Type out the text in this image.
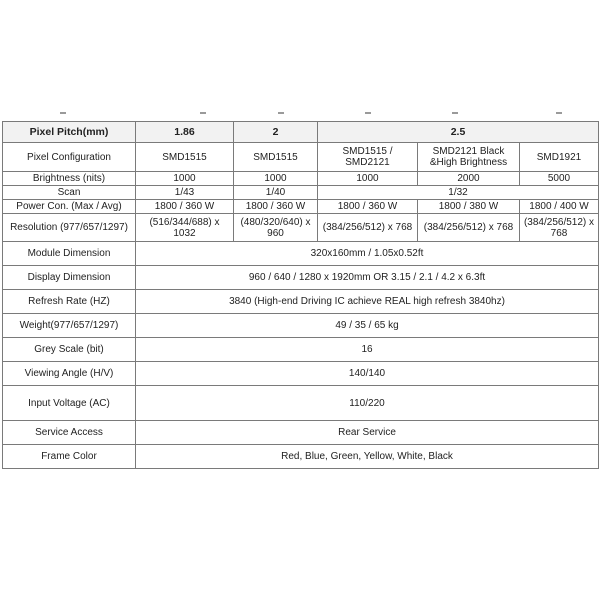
Pixel Pitch(mm)	1.86	2	2.5		
Pixel Configuration	SMD1515	SMD1515	SMD1515 / SMD2121	SMD2121 Black &High Brightness	SMD1921
Brightness (nits)	1000	1000	1000	2000	5000
Scan	1/43	1/40	1/32		
Power Con. (Max / Avg)	1800 / 360 W	1800 / 360 W	1800 / 360 W	1800 / 380 W	1800 / 400 W
Resolution (977/657/1297)	(516/344/688) x 1032	(480/320/640) x 960	(384/256/512) x 768	(384/256/512) x 768	(384/256/512) x 768
Module Dimension	320x160mm / 1.05x0.52ft				
Display Dimension	960 / 640 / 1280 x 1920mm OR 3.15 / 2.1 / 4.2 x 6.3ft				
Refresh Rate (HZ)	3840 (High-end Driving IC achieve REAL high refresh 3840hz)				
Weight(977/657/1297)	49 / 35 / 65 kg				
Grey Scale (bit)	16				
Viewing Angle (H/V)	140/140				
Input Voltage (AC)	110/220				
Service Access	Rear Service				
Frame Color	Red, Blue, Green, Yellow, White, Black				
